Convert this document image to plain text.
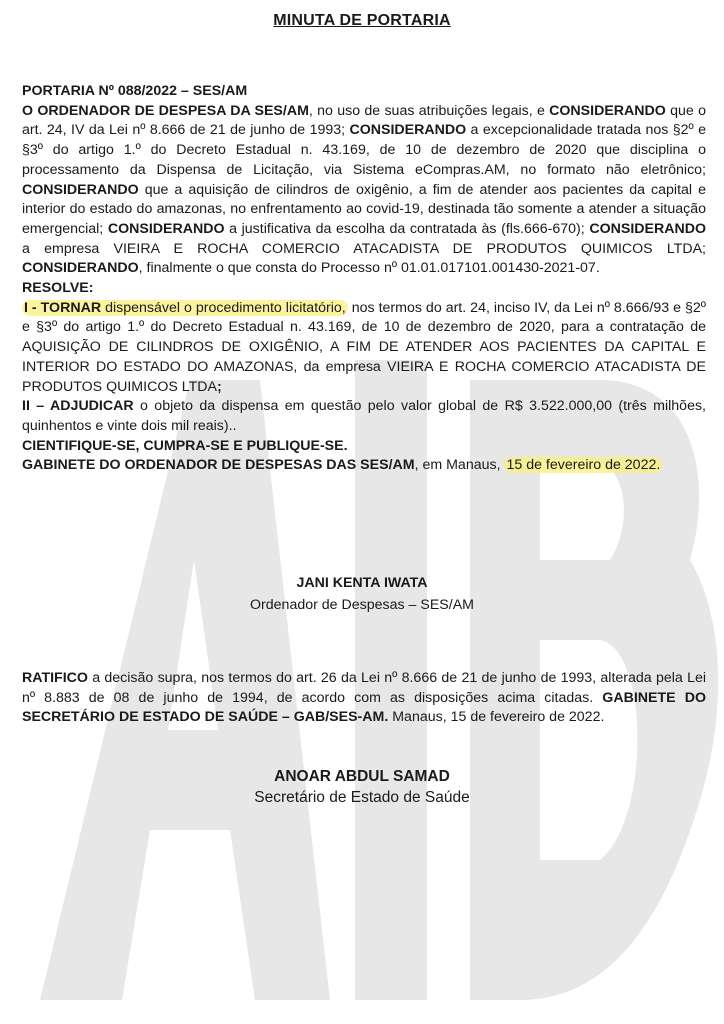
MINUTA DE PORTARIA

PORTARIA Nº 088/2022 – SES/AM

O ORDENADOR DE DESPESA DA SES/AM, no uso de suas atribuições legais, e CONSIDERANDO que o art. 24, IV da Lei nº 8.666 de 21 de junho de 1993; CONSIDERANDO a excepcionalidade tratada nos §2º e §3º do artigo 1.º do Decreto Estadual n. 43.169, de 10 de dezembro de 2020 que disciplina o processamento da Dispensa de Licitação, via Sistema eCompras.AM, no formato não eletrônico; CONSIDERANDO que a aquisição de cilindros de oxigênio, a fim de atender aos pacientes da capital e interior do estado do amazonas, no enfrentamento ao covid-19, destinada tão somente a atender a situação emergencial; CONSIDERANDO a justificativa da escolha da contratada às (fls.666-670); CONSIDERANDO a empresa VIEIRA E ROCHA COMERCIO ATACADISTA DE PRODUTOS QUIMICOS LTDA; CONSIDERANDO, finalmente o que consta do Processo nº 01.01.017101.001430-2021-07.

RESOLVE:

I - TORNAR dispensável o procedimento licitatório, nos termos do art. 24, inciso IV, da Lei nº 8.666/93 e §2º e §3º do artigo 1.º do Decreto Estadual n. 43.169, de 10 de dezembro de 2020, para a contratação de AQUISIÇÃO DE CILINDROS DE OXIGÊNIO, A FIM DE ATENDER AOS PACIENTES DA CAPITAL E INTERIOR DO ESTADO DO AMAZONAS, da empresa VIEIRA E ROCHA COMERCIO ATACADISTA DE PRODUTOS QUIMICOS LTDA;

II – ADJUDICAR o objeto da dispensa em questão pelo valor global de R$ 3.522.000,00 (três milhões, quinhentos e vinte dois mil reais)..

CIENTIFIQUE-SE, CUMPRA-SE E PUBLIQUE-SE.

GABINETE DO ORDENADOR DE DESPESAS DAS SES/AM, em Manaus, 15 de fevereiro de 2022.

JANI KENTA IWATA
Ordenador de Despesas – SES/AM
RATIFICO a decisão supra, nos termos do art. 26 da Lei nº 8.666 de 21 de junho de 1993, alterada pela Lei nº 8.883 de 08 de junho de 1994, de acordo com as disposições acima citadas. GABINETE DO SECRETÁRIO DE ESTADO DE SAÚDE – GAB/SES-AM. Manaus, 15 de fevereiro de 2022.
ANOAR ABDUL SAMAD
Secretário de Estado de Saúde
